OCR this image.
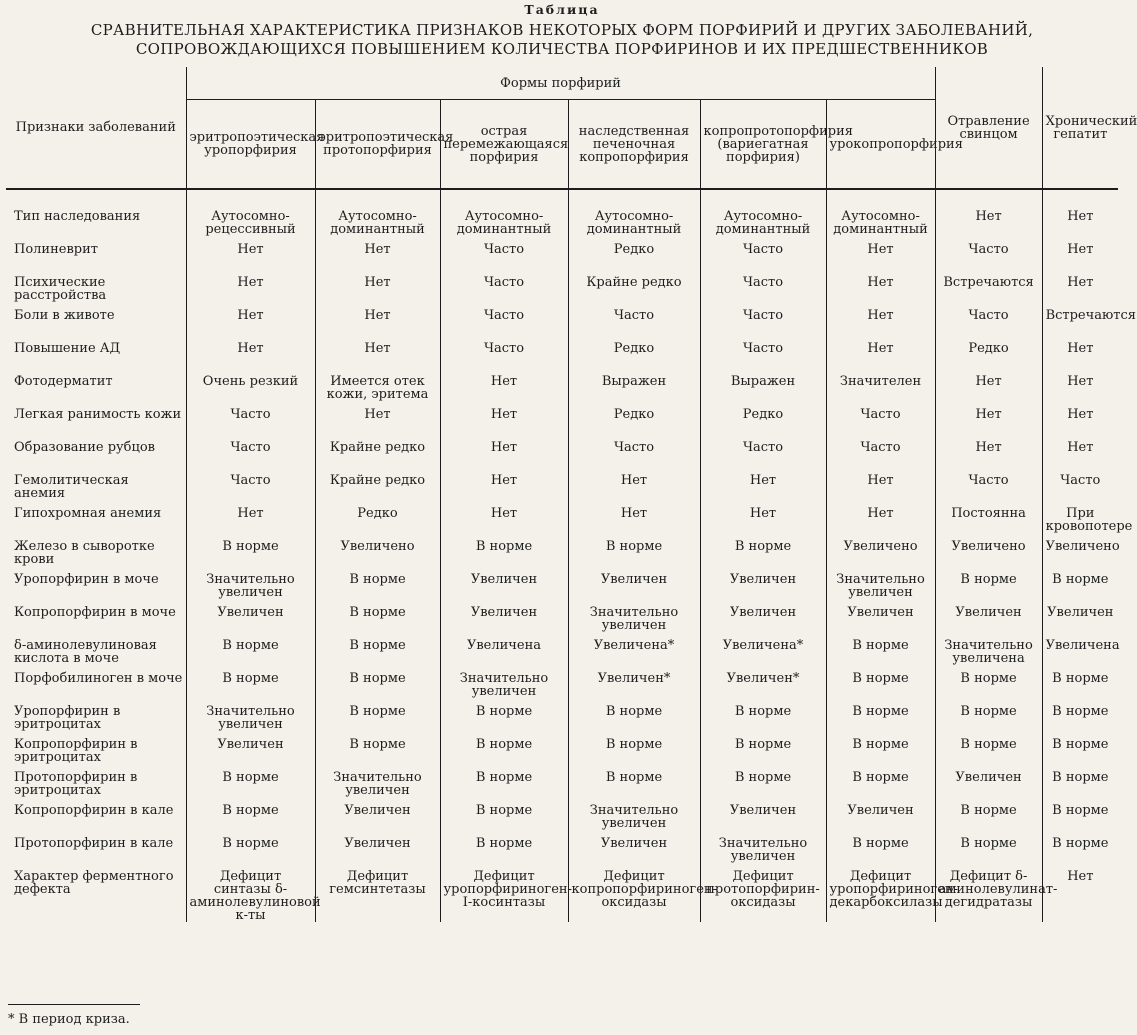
Таблица
СРАВНИТЕЛЬНАЯ ХАРАКТЕРИСТИКА ПРИЗНАКОВ НЕКОТОРЫХ ФОРМ ПОРФИРИЙ И ДРУГИХ ЗАБОЛЕВАНИЙ,
СОПРОВОЖДАЮЩИХСЯ ПОВЫШЕНИЕМ КОЛИЧЕСТВА ПОРФИРИНОВ И ИХ ПРЕДШЕСТВЕННИКОВ
Признаки заболеваний	Формы порфирий						Отравление свинцом	Хронический гепатит
	эритропоэтическая уропорфирия	эритропоэтическая протопорфирия	острая перемежающаяся порфирия	наследственная печеночная копропорфирия	копропротопорфирия (вариегатная порфирия)	урокопропорфирия		
Тип наследования	Аутосомно-рецессивный	Аутосомно-доминантный	Аутосомно-доминантный	Аутосомно-доминантный	Аутосомно-доминантный	Аутосомно-доминантный	Нет	Нет
Полиневрит	Нет	Нет	Часто	Редко	Часто	Нет	Часто	Нет
Психические расстройства	Нет	Нет	Часто	Крайне редко	Часто	Нет	Встречаются	Нет
Боли в животе	Нет	Нет	Часто	Часто	Часто	Нет	Часто	Встречаются
Повышение АД	Нет	Нет	Часто	Редко	Часто	Нет	Редко	Нет
Фотодерматит	Очень резкий	Имеется отек кожи, эритема	Нет	Выражен	Выражен	Значителен	Нет	Нет
Легкая ранимость кожи	Часто	Нет	Нет	Редко	Редко	Часто	Нет	Нет
Образование рубцов	Часто	Крайне редко	Нет	Часто	Часто	Часто	Нет	Нет
Гемолитическая анемия	Часто	Крайне редко	Нет	Нет	Нет	Нет	Часто	Часто
Гипохромная анемия	Нет	Редко	Нет	Нет	Нет	Нет	Постоянна	При кровопотере
Железо в сыворотке крови	В норме	Увеличено	В норме	В норме	В норме	Увеличено	Увеличено	Увеличено
Уропорфирин в моче	Значительно увеличен	В норме	Увеличен	Увеличен	Увеличен	Значительно увеличен	В норме	В норме
Копропорфирин в моче	Увеличен	В норме	Увеличен	Значительно увеличен	Увеличен	Увеличен	Увеличен	Увеличен
δ-аминолевулиновая кислота в моче	В норме	В норме	Увеличена	Увеличена*	Увеличена*	В норме	Значительно увеличена	Увеличена
Порфобилиноген в моче	В норме	В норме	Значительно увеличен	Увеличен*	Увеличен*	В норме	В норме	В норме
Уропорфирин в эритроцитах	Значительно увеличен	В норме	В норме	В норме	В норме	В норме	В норме	В норме
Копропорфирин в эритроцитах	Увеличен	В норме	В норме	В норме	В норме	В норме	В норме	В норме
Протопорфирин в эритроцитах	В норме	Значительно увеличен	В норме	В норме	В норме	В норме	Увеличен	В норме
Копропорфирин в кале	В норме	Увеличен	В норме	Значительно увеличен	Увеличен	Увеличен	В норме	В норме
Протопорфирин в кале	В норме	Увеличен	В норме	Увеличен	Значительно увеличен	В норме	В норме	В норме
Характер ферментного дефекта	Дефицит синтазы δ-аминолевулиновой к-ты	Дефицит гемсинтетазы	Дефицит уропорфириноген-I-косинтазы	Дефицит копропорфириноген-оксидазы	Дефицит протопорфирин-оксидазы	Дефицит уропорфириноген-декарбоксилазы	Дефицит δ-аминолевулинат-дегидратазы	Нет
* В период криза.
